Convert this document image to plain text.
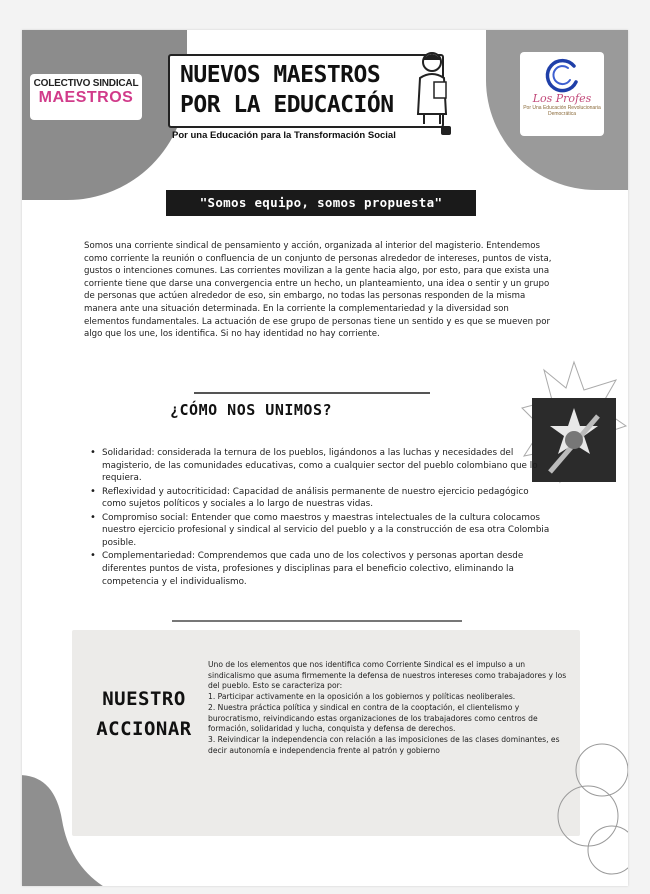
COLECTIVO SINDICAL
MAESTROS	Los Profes
Por Una Educación Revolucionaria Democrática
NUEVOS MAESTROS
POR LA EDUCACIÓN
Por una Educación para la Transformación Social
"Somos equipo, somos propuesta"
Somos una corriente sindical de pensamiento y acción, organizada al interior del magisterio. Entendemos como corriente la reunión o confluencia de un conjunto de personas alrededor de intereses, puntos de vista, gustos o intenciones comunes. Las corrientes movilizan a la gente hacia algo, por esto, para que exista una corriente tiene que darse una convergencia entre un hecho, un planteamiento, una idea o sentir y un grupo de personas que actúen alrededor de eso, sin embargo, no todas las personas responden de la misma manera ante una situación determinada. En la corriente la complementariedad y la diversidad son elementos fundamentales. La actuación de ese grupo de personas tiene un sentido y es que se mueven por algo que los une, los identifica. Si no hay identidad no hay corriente.
¿CÓMO NOS UNIMOS?
• Solidaridad: considerada la ternura de los pueblos, ligándonos a las luchas y necesidades del magisterio, de las comunidades educativas, como a cualquier sector del pueblo colombiano que lo requiera.
• Reflexividad y autocriticidad: Capacidad de análisis permanente de nuestro ejercicio pedagógico como sujetos políticos y sociales a lo largo de nuestras vidas.
• Compromiso social: Entender que como maestros y maestras intelectuales de la cultura colocamos nuestro ejercicio profesional y sindical al servicio del pueblo y a la construcción de esa otra Colombia posible.
• Complementariedad: Comprendemos que cada uno de los colectivos y personas aportan desde diferentes puntos de vista, profesiones y disciplinas para el beneficio colectivo, eliminando la competencia y el individualismo.
NUESTRO
ACCIONAR

Uno de los elementos que nos identifica como Corriente Sindical es el impulso a un sindicalismo que asuma firmemente la defensa de nuestros intereses como trabajadores y los del pueblo. Esto se caracteriza por:

1. Participar activamente en la oposición a los gobiernos y políticas neoliberales.

2. Nuestra práctica política y sindical en contra de la cooptación, el clientelismo y burocratismo, reivindicando estas organizaciones de los trabajadores como centros de formación, solidaridad y lucha, conquista y defensa de derechos.

3. Reivindicar la independencia con relación a las imposiciones de las clases dominantes, es decir autonomía e independencia frente al patrón y gobierno
